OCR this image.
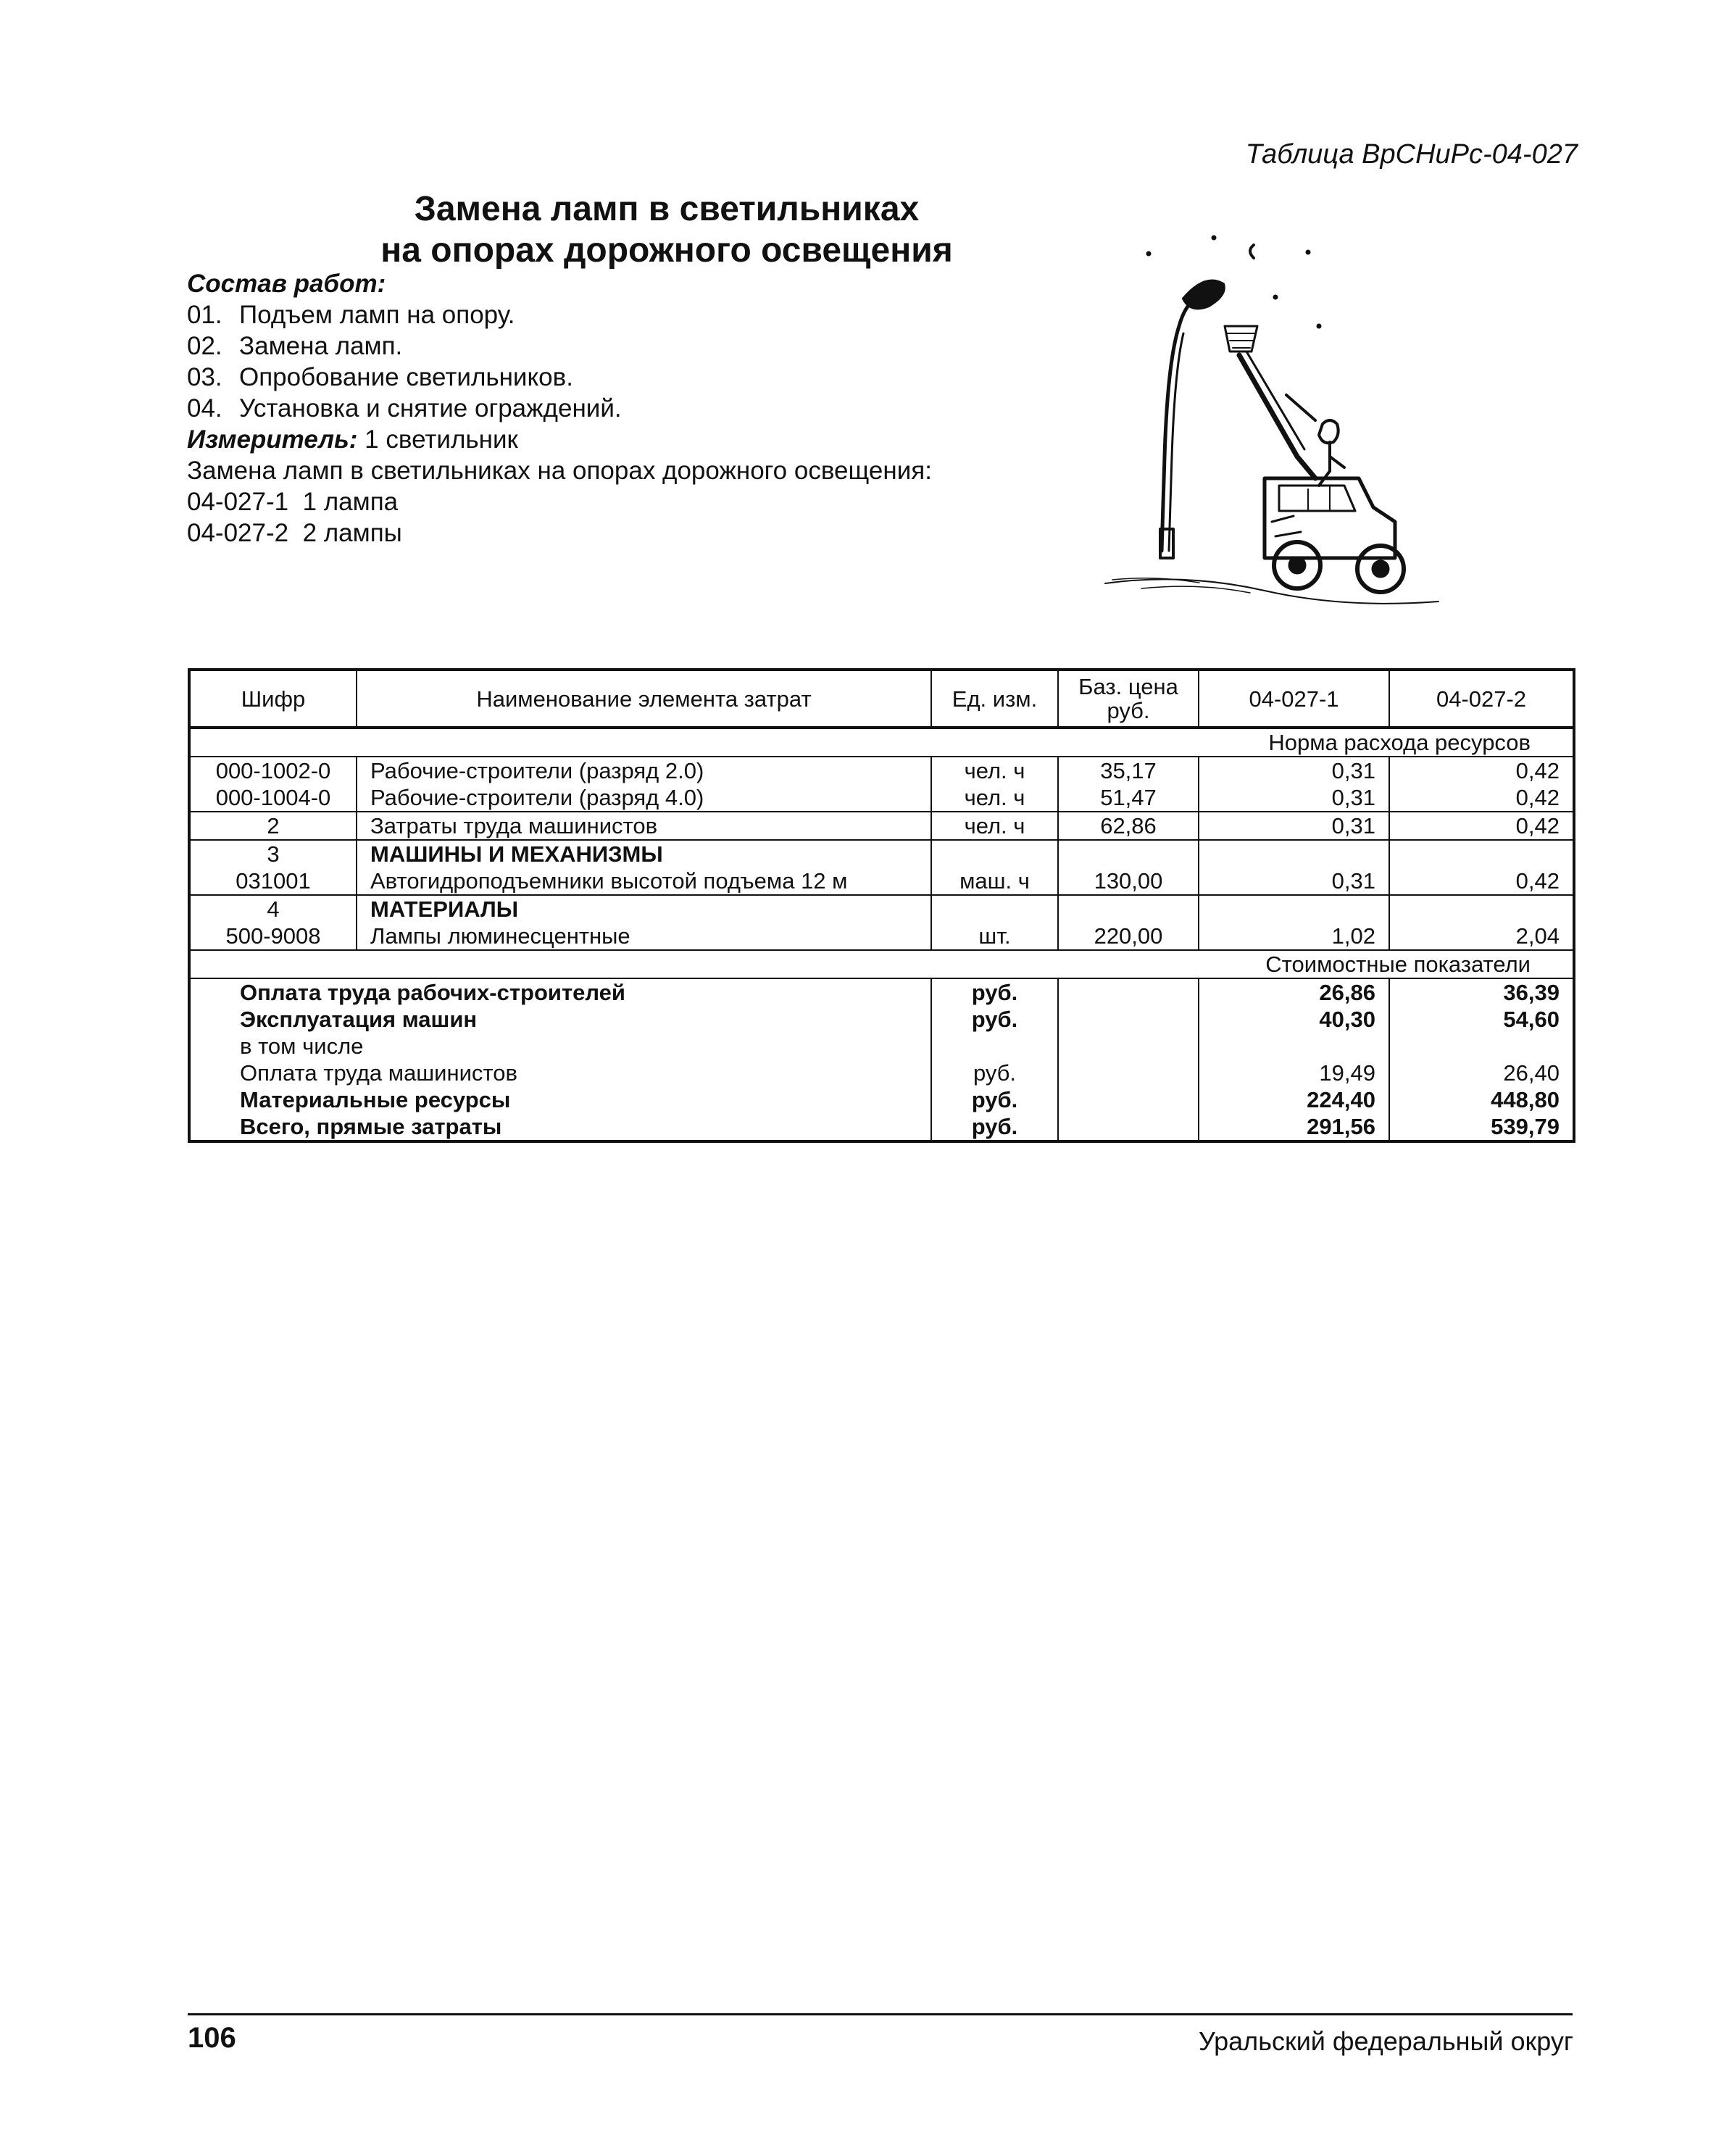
Таблица ВрСНиРс-04-027
Замена ламп в светильниках
на опорах дорожного освещения
Состав работ:
01. Подъем ламп на опору.
02. Замена ламп.
03. Опробование светильников.
04. Установка и снятие ограждений.
Измеритель: 1 светильник
Замена ламп в светильниках на опорах дорожного освещения:
04-027-1 1 лампа
04-027-2 2 лампы
Шифр	Наименование элемента затрат	Ед. изм.	Баз. цена руб.	04-027-1	04-027-2
Норма расхода ресурсов					
000-1002-0	Рабочие-строители (разряд 2.0)	чел. ч	35,17	0,31	0,42
000-1004-0	Рабочие-строители (разряд 4.0)	чел. ч	51,47	0,31	0,42
2	Затраты труда машинистов	чел. ч	62,86	0,31	0,42
3	МАШИНЫ И МЕХАНИЗМЫ				
031001	Автогидроподъемники высотой подъема 12 м	маш. ч	130,00	0,31	0,42
4	МАТЕРИАЛЫ				
500-9008	Лампы люминесцентные	шт.	220,00	1,02	2,04
Стоимостные показатели					
Оплата труда рабочих-строителей		руб.		26,86	36,39
Эксплуатация машин		руб.		40,30	54,60
в том числе					
Оплата труда машинистов		руб.		19,49	26,40
Материальные ресурсы		руб.		224,40	448,80
Всего, прямые затраты		руб.		291,56	539,79
106	Уральский федеральный округ
